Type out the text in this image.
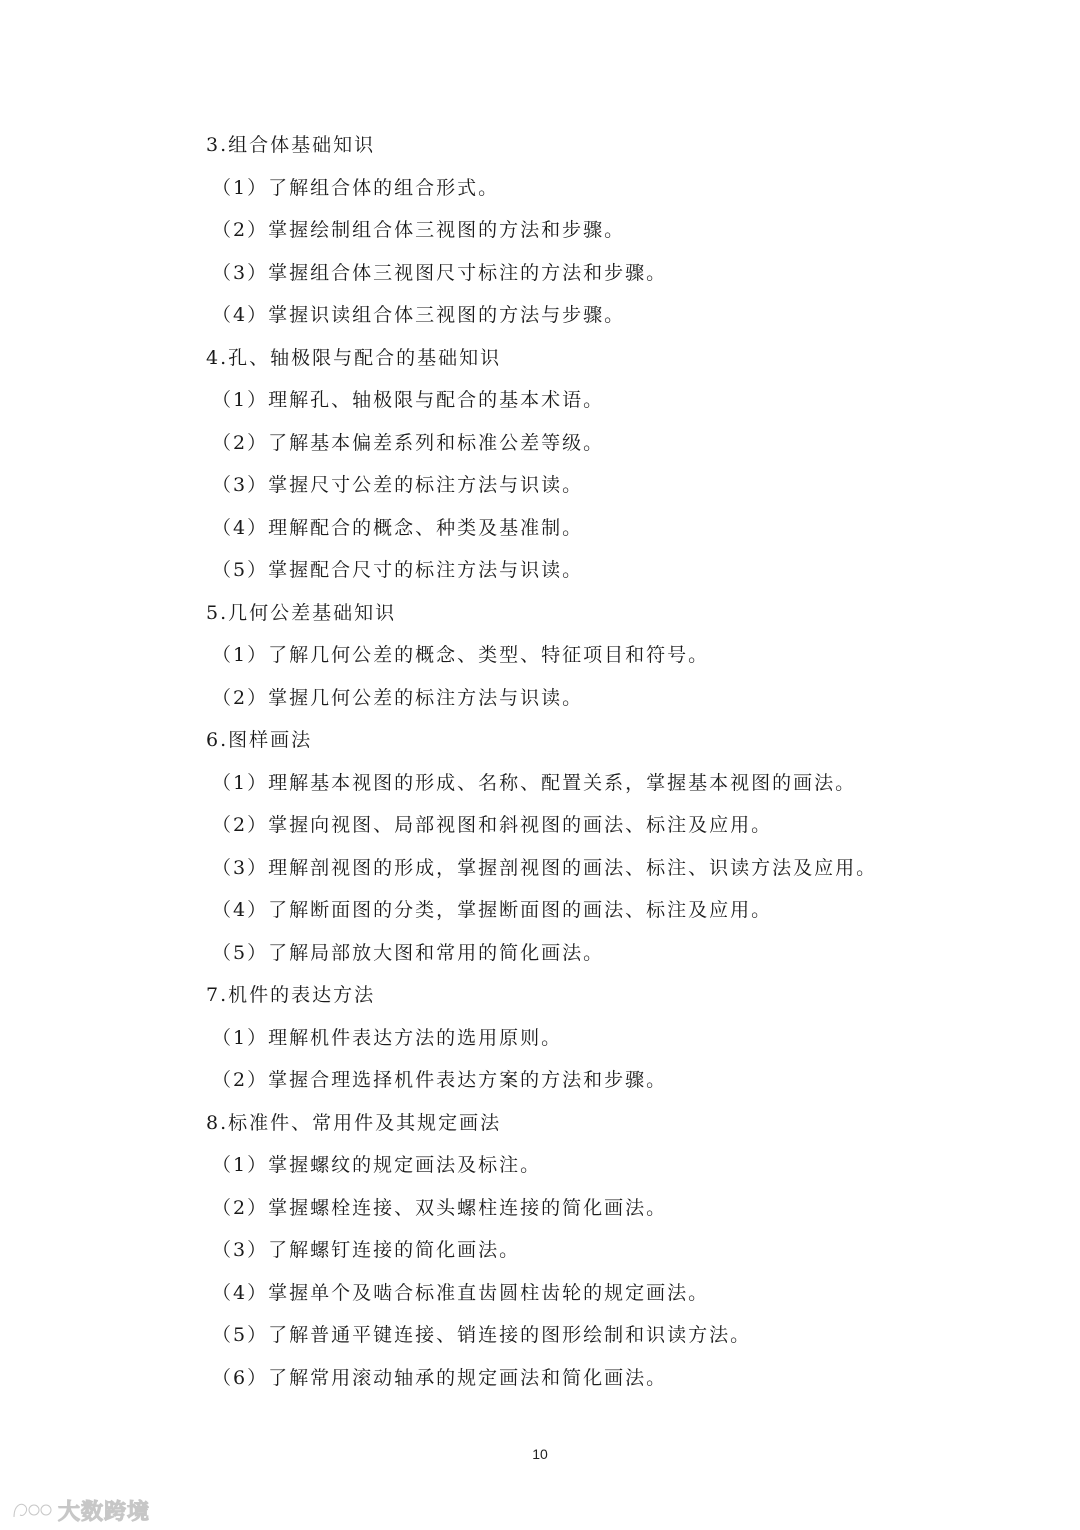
3.组合体基础知识
（1）了解组合体的组合形式。
（2）掌握绘制组合体三视图的方法和步骤。
（3）掌握组合体三视图尺寸标注的方法和步骤。
（4）掌握识读组合体三视图的方法与步骤。
4.孔、轴极限与配合的基础知识
（1）理解孔、轴极限与配合的基本术语。
（2）了解基本偏差系列和标准公差等级。
（3）掌握尺寸公差的标注方法与识读。
（4）理解配合的概念、种类及基准制。
（5）掌握配合尺寸的标注方法与识读。
5.几何公差基础知识
（1）了解几何公差的概念、类型、特征项目和符号。
（2）掌握几何公差的标注方法与识读。
6.图样画法
（1）理解基本视图的形成、名称、配置关系，掌握基本视图的画法。
（2）掌握向视图、局部视图和斜视图的画法、标注及应用。
（3）理解剖视图的形成，掌握剖视图的画法、标注、识读方法及应用。
（4）了解断面图的分类，掌握断面图的画法、标注及应用。
（5）了解局部放大图和常用的简化画法。
7.机件的表达方法
（1）理解机件表达方法的选用原则。
（2）掌握合理选择机件表达方案的方法和步骤。
8.标准件、常用件及其规定画法
（1）掌握螺纹的规定画法及标注。
（2）掌握螺栓连接、双头螺柱连接的简化画法。
（3）了解螺钉连接的简化画法。
（4）掌握单个及啮合标准直齿圆柱齿轮的规定画法。
（5）了解普通平键连接、销连接的图形绘制和识读方法。
（6）了解常用滚动轴承的规定画法和简化画法。
10
大数跨境
